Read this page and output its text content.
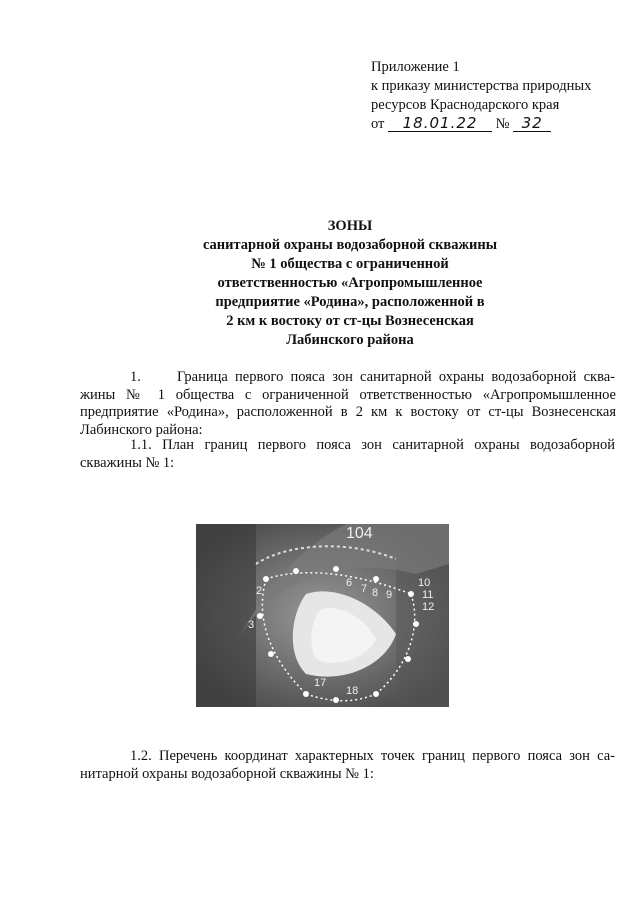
Приложение 1
к приказу министерства природных
ресурсов Краснодарского края
от 18.01.22 № 32
ЗОНЫ
санитарной охраны водозаборной скважины
№ 1 общества с ограниченной
ответственностью «Агропромышленное
предприятие «Родина», расположенной в
2 км к востоку от ст-цы Вознесенская
Лабинского района
1.     Граница первого пояса зон санитарной охраны водозаборной сква-
жины № 1 общества с ограниченной ответственностью «Агропромышленное
предприятие «Родина», расположенной в 2 км к востоку от ст-цы Вознесенская
Лабинского района:
1.1. План границ первого пояса зон санитарной охраны водозаборной
скважины № 1:
104
10
11
12
2
3
6 7 8 9
17
18
1.2. Перечень координат характерных точек границ первого пояса зон са-
нитарной охраны водозаборной скважины № 1:
